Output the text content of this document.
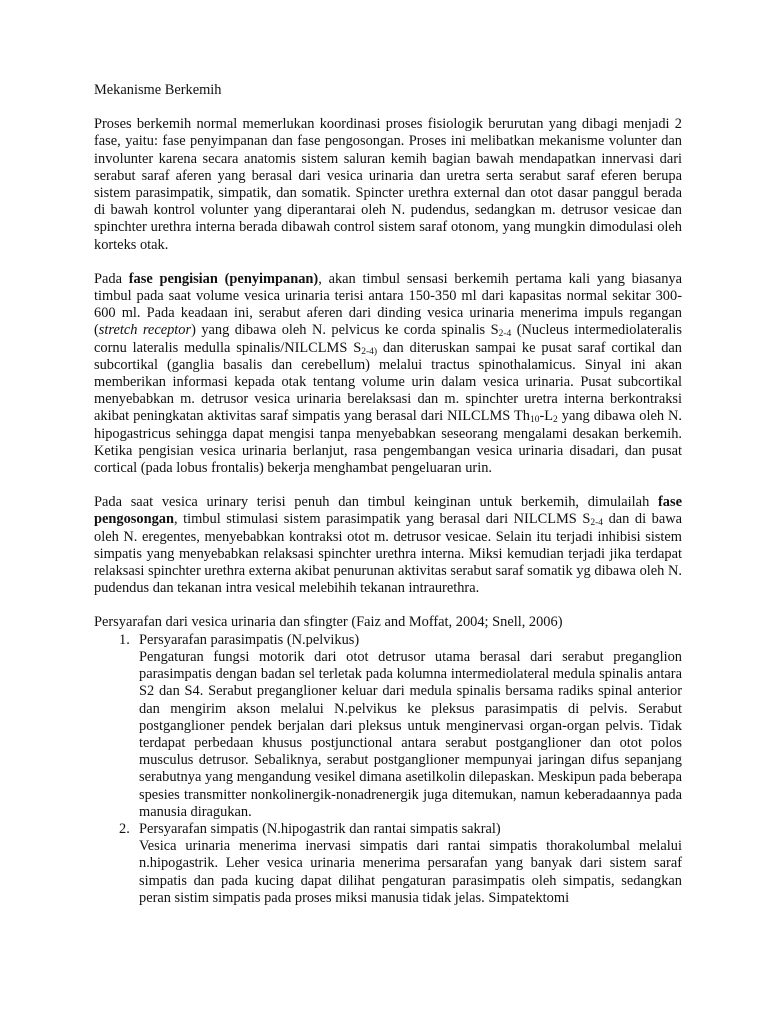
Mekanisme Berkemih

Proses berkemih normal memerlukan koordinasi proses fisiologik berurutan yang dibagi menjadi 2 fase, yaitu: fase penyimpanan dan fase pengosongan. Proses ini melibatkan mekanisme volunter dan involunter karena secara anatomis sistem saluran kemih bagian bawah mendapatkan innervasi dari serabut saraf aferen yang berasal dari vesica urinaria dan uretra serta serabut saraf eferen berupa sistem parasimpatik, simpatik, dan somatik. Spincter urethra external dan otot dasar panggul berada di bawah kontrol volunter yang diperantarai oleh N. pudendus, sedangkan m. detrusor vesicae dan spinchter urethra interna berada dibawah control sistem saraf otonom, yang mungkin dimodulasi oleh korteks otak.

Pada fase pengisian (penyimpanan), akan timbul sensasi berkemih pertama kali yang biasanya timbul pada saat volume vesica urinaria terisi antara 150-350 ml dari kapasitas normal sekitar 300-600 ml. Pada keadaan ini, serabut aferen dari dinding vesica urinaria menerima impuls regangan (stretch receptor) yang dibawa oleh N. pelvicus ke corda spinalis $S_{2-4}$ (Nucleus intermediolateralis cornu lateralis medulla spinalis/NILCLMS $S_{2-4)}$ dan diteruskan sampai ke pusat saraf cortikal dan subcortikal (ganglia basalis dan cerebellum) melalui tractus spinothalamicus. Sinyal ini akan memberikan informasi kepada otak tentang volume urin dalam vesica urinaria. Pusat subcortikal menyebabkan m. detrusor vesica urinaria berelaksasi dan m. spinchter uretra interna berkontraksi akibat peningkatan aktivitas saraf simpatis yang berasal dari NILCLMS $Th_{10}-L_2$ yang dibawa oleh N. hipogastricus sehingga dapat mengisi tanpa menyebabkan seseorang mengalami desakan berkemih. Ketika pengisian vesica urinaria berlanjut, rasa pengembangan vesica urinaria disadari, dan pusat cortical (pada lobus frontalis) bekerja menghambat pengeluaran urin.

Pada saat vesica urinary terisi penuh dan timbul keinginan untuk berkemih, dimulailah fase pengosongan, timbul stimulasi sistem parasimpatik yang berasal dari NILCLMS $S_{2-4}$ dan di bawa oleh N. eregentes, menyebabkan kontraksi otot m. detrusor vesicae. Selain itu terjadi inhibisi sistem simpatis yang menyebabkan relaksasi spinchter urethra interna. Miksi kemudian terjadi jika terdapat relaksasi spinchter urethra externa akibat penurunan aktivitas serabut saraf somatik yg dibawa oleh N. pudendus dan tekanan intra vesical melebihih tekanan intraurethra.

Persyarafan dari vesica urinaria dan sfingter (Faiz and Moffat, 2004; Snell, 2006)

1. Persyarafan parasimpatis (N.pelvikus)
Pengaturan fungsi motorik dari otot detrusor utama berasal dari serabut preganglion parasimpatis dengan badan sel terletak pada kolumna intermediolateral medula spinalis antara S2 dan S4. Serabut preganglioner keluar dari medula spinalis bersama radiks spinal anterior dan mengirim akson melalui N.pelvikus ke pleksus parasimpatis di pelvis. Serabut postganglioner pendek berjalan dari pleksus untuk menginervasi organ-organ pelvis. Tidak terdapat perbedaan khusus postjunctional antara serabut postganglioner dan otot polos musculus detrusor. Sebaliknya, serabut postganglioner mempunyai jaringan difus sepanjang serabutnya yang mengandung vesikel dimana asetilkolin dilepaskan. Meskipun pada beberapa spesies transmitter nonkolinergik-nonadrenergik juga ditemukan, namun keberadaannya pada manusia diragukan.
2. Persyarafan simpatis (N.hipogastrik dan rantai simpatis sakral)
Vesica urinaria menerima inervasi simpatis dari rantai simpatis thorakolumbal melalui n.hipogastrik. Leher vesica urinaria menerima persarafan yang banyak dari sistem saraf simpatis dan pada kucing dapat dilihat pengaturan parasimpatis oleh simpatis, sedangkan peran sistim simpatis pada proses miksi manusia tidak jelas. Simpatektomi
